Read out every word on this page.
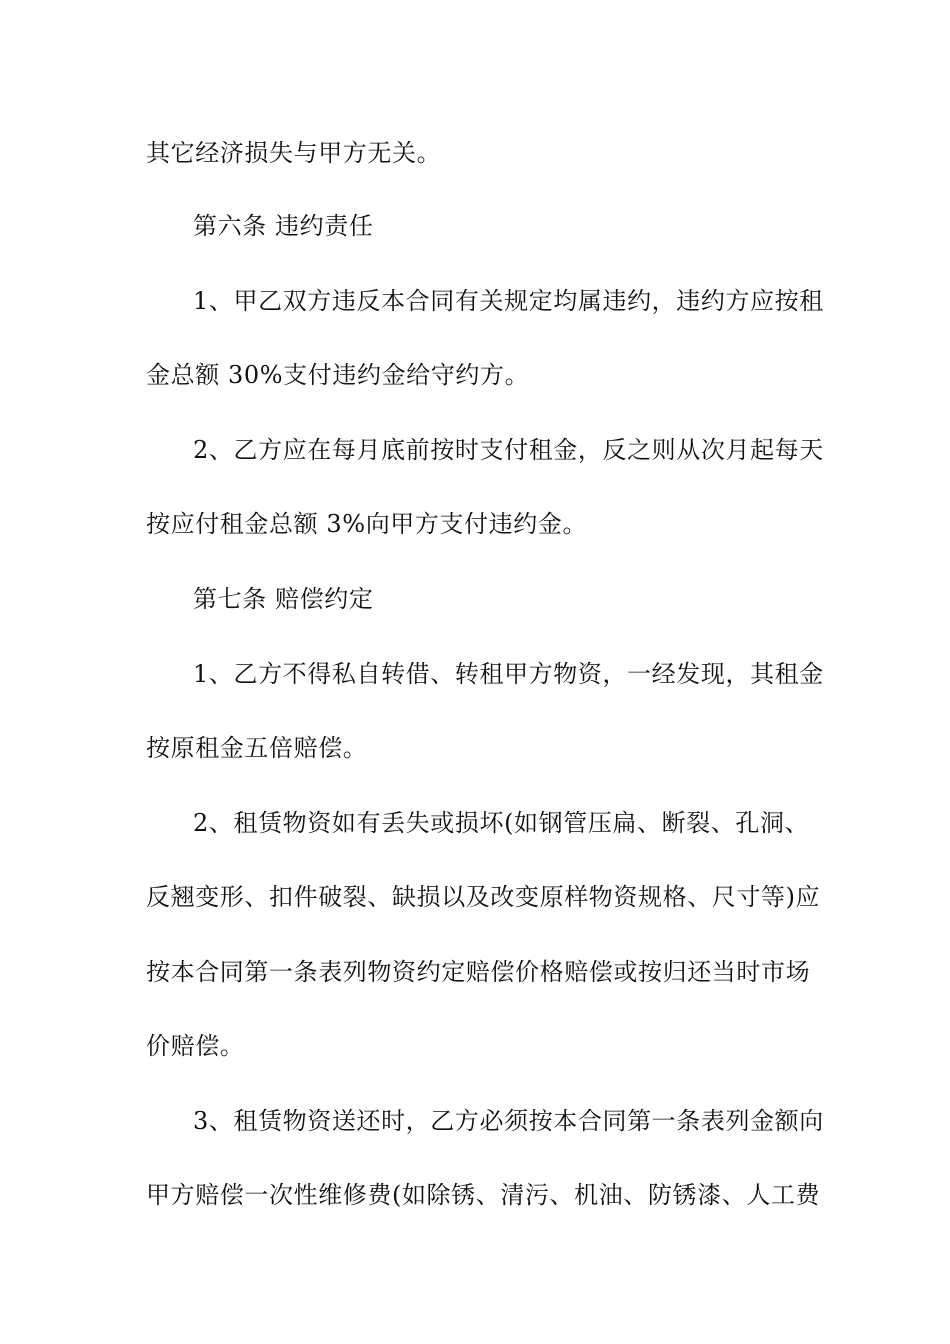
其它经济损失与甲方无关。
第六条 违约责任
1、甲乙双方违反本合同有关规定均属违约，违约方应按租
金总额 30%支付违约金给守约方。
2、乙方应在每月底前按时支付租金，反之则从次月起每天
按应付租金总额 3%向甲方支付违约金。
第七条 赔偿约定
1、乙方不得私自转借、转租甲方物资，一经发现，其租金
按原租金五倍赔偿。
2、租赁物资如有丢失或损坏(如钢管压扁、断裂、孔洞、
反翘变形、扣件破裂、缺损以及改变原样物资规格、尺寸等)应
按本合同第一条表列物资约定赔偿价格赔偿或按归还当时市场
价赔偿。
3、租赁物资送还时，乙方必须按本合同第一条表列金额向
甲方赔偿一次性维修费(如除锈、清污、机油、防锈漆、人工费
